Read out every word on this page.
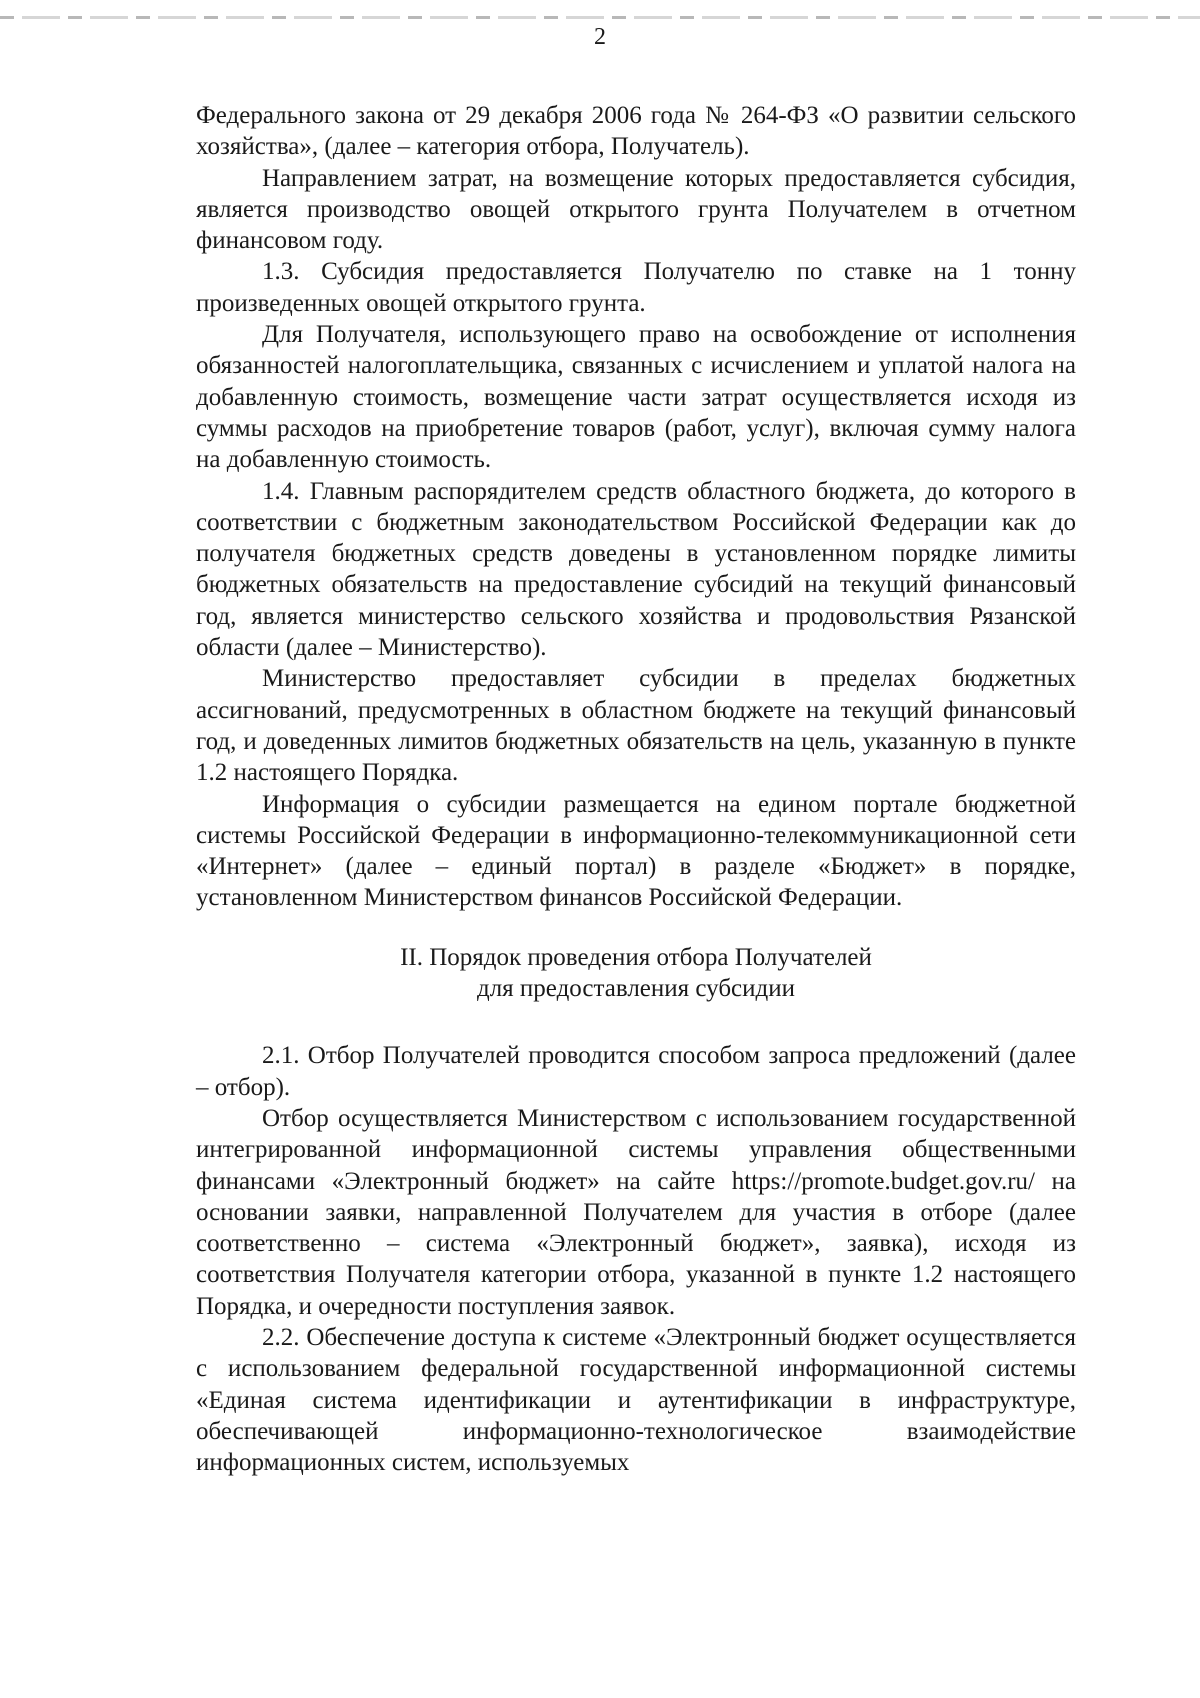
2

Федерального закона от 29 декабря 2006 года № 264-ФЗ «О развитии сельского хозяйства», (далее – категория отбора, Получатель).

Направлением затрат, на возмещение которых предоставляется субсидия, является производство овощей открытого грунта Получателем в отчетном финансовом году.

1.3. Субсидия предоставляется Получателю по ставке на 1 тонну произведенных овощей открытого грунта.

Для Получателя, использующего право на освобождение от исполнения обязанностей налогоплательщика, связанных с исчислением и уплатой налога на добавленную стоимость, возмещение части затрат осуществляется исходя из суммы расходов на приобретение товаров (работ, услуг), включая сумму налога на добавленную стоимость.

1.4. Главным распорядителем средств областного бюджета, до которого в соответствии с бюджетным законодательством Российской Федерации как до получателя бюджетных средств доведены в установленном порядке лимиты бюджетных обязательств на предоставление субсидий на текущий финансовый год, является министерство сельского хозяйства и продовольствия Рязанской области (далее – Министерство).

Министерство предоставляет субсидии в пределах бюджетных ассигнований, предусмотренных в областном бюджете на текущий финансовый год, и доведенных лимитов бюджетных обязательств на цель, указанную в пункте 1.2 настоящего Порядка.

Информация о субсидии размещается на едином портале бюджетной системы Российской Федерации в информационно-телекоммуникационной сети «Интернет» (далее – единый портал) в разделе «Бюджет» в порядке, установленном Министерством финансов Российской Федерации.

II. Порядок проведения отбора Получателей
для предоставления субсидии

2.1. Отбор Получателей проводится способом запроса предложений (далее – отбор).

Отбор осуществляется Министерством с использованием государственной интегрированной информационной системы управления общественными финансами «Электронный бюджет» на сайте https://promote.budget.gov.ru/ на основании заявки, направленной Получателем для участия в отборе (далее соответственно – система «Электронный бюджет», заявка), исходя из соответствия Получателя категории отбора, указанной в пункте 1.2 настоящего Порядка, и очередности поступления заявок.

2.2. Обеспечение доступа к системе «Электронный бюджет осуществляется с использованием федеральной государственной информационной системы «Единая система идентификации и аутентификации в инфраструктуре, обеспечивающей информационно-технологическое взаимодействие информационных систем, используемых
